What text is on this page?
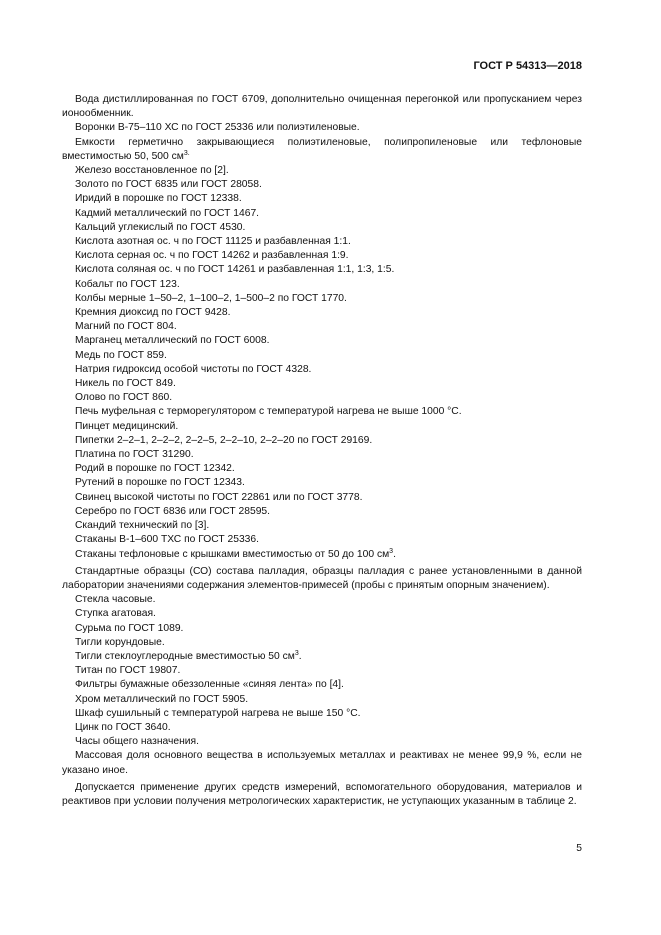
ГОСТ Р 54313—2018

Вода дистиллированная по ГОСТ 6709, дополнительно очищенная перегонкой или пропусканием через ионообменник.

Воронки В-75–110 ХС по ГОСТ 25336 или полиэтиленовые.

Емкости герметично закрывающиеся полиэтиленовые, полипропиленовые или тефлоновые вместимостью 50, 500 $см^{3.}$

Железо восстановленное по [2].

Золото по ГОСТ 6835 или ГОСТ 28058.

Иридий в порошке по ГОСТ 12338.

Кадмий металлический по ГОСТ 1467.

Кальций углекислый по ГОСТ 4530.

Кислота азотная ос. ч по ГОСТ 11125 и разбавленная 1:1.

Кислота серная ос. ч по ГОСТ 14262 и разбавленная 1:9.

Кислота соляная ос. ч по ГОСТ 14261 и разбавленная 1:1, 1:3, 1:5.

Кобальт по ГОСТ 123.

Колбы мерные 1–50–2, 1–100–2, 1–500–2 по ГОСТ 1770.

Кремния диоксид по ГОСТ 9428.

Магний по ГОСТ 804.

Марганец металлический по ГОСТ 6008.

Медь по ГОСТ 859.

Натрия гидроксид особой чистоты по ГОСТ 4328.

Никель по ГОСТ 849.

Олово по ГОСТ 860.

Печь муфельная с терморегулятором с температурой нагрева не выше 1000 °С.

Пинцет медицинский.

Пипетки 2–2–1, 2–2–2, 2–2–5, 2–2–10, 2–2–20 по ГОСТ 29169.

Платина по ГОСТ 31290.

Родий в порошке по ГОСТ 12342.

Рутений в порошке по ГОСТ 12343.

Свинец высокой чистоты по ГОСТ 22861 или по ГОСТ 3778.

Серебро по ГОСТ 6836 или ГОСТ 28595.

Скандий технический по [3].

Стаканы В-1–600 ТХС по ГОСТ 25336.

Стаканы тефлоновые с крышками вместимостью от 50 до 100 $см^3$.

Стандартные образцы (СО) состава палладия, образцы палладия с ранее установленными в данной лаборатории значениями содержания элементов-примесей (пробы с принятым опорным значением).

Стекла часовые.

Ступка агатовая.

Сурьма по ГОСТ 1089.

Тигли корундовые.

Тигли стеклоуглеродные вместимостью 50 $см^3$.

Титан по ГОСТ 19807.

Фильтры бумажные обеззоленные «синяя лента» по [4].

Хром металлический по ГОСТ 5905.

Шкаф сушильный с температурой нагрева не выше 150 °С.

Цинк по ГОСТ 3640.

Часы общего назначения.

Массовая доля основного вещества в используемых металлах и реактивах не менее 99,9 %, если не указано иное.

Допускается применение других средств измерений, вспомогательного оборудования, материалов и реактивов при условии получения метрологических характеристик, не уступающих указанным в таблице 2.

5
